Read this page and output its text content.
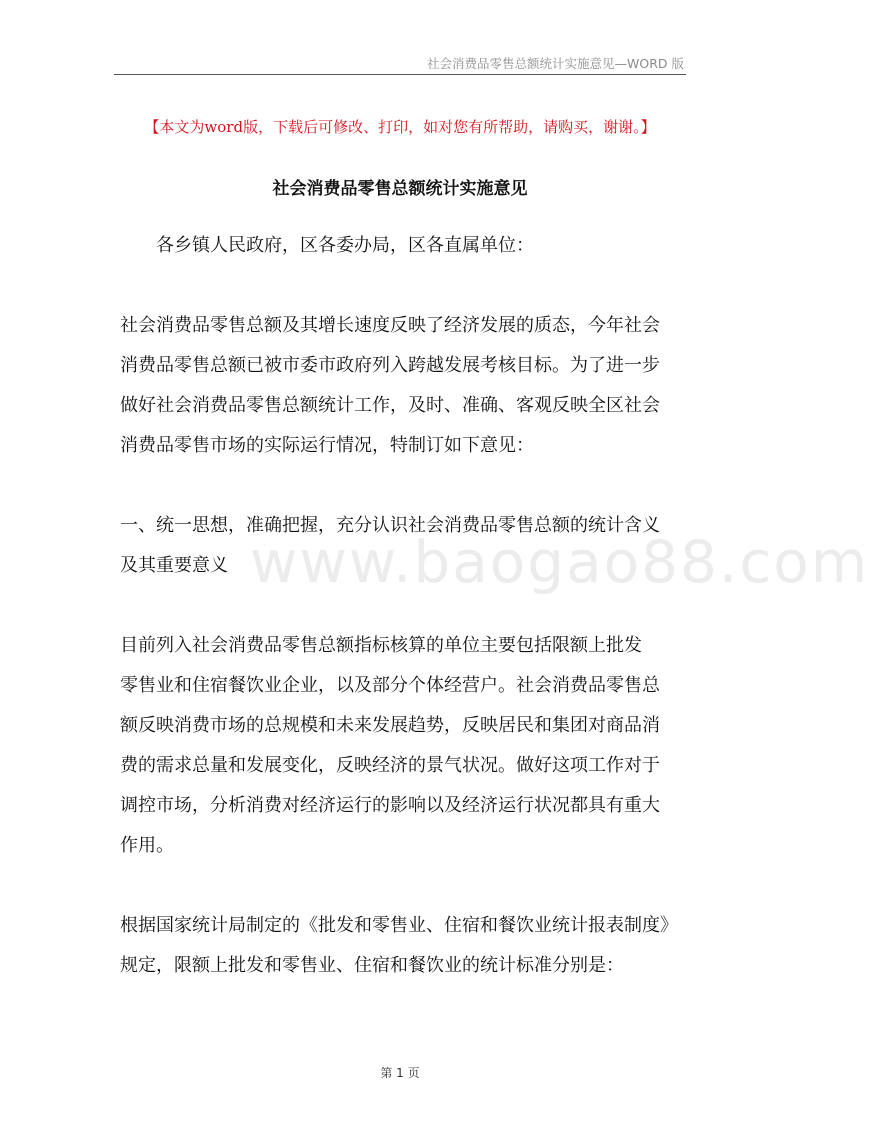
社会消费品零售总额统计实施意见—WORD 版
【本文为word版，下载后可修改、打印，如对您有所帮助，请购买，谢谢。】
社会消费品零售总额统计实施意见
www.baogao88.com
各乡镇人民政府，区各委办局，区各直属单位：
社会消费品零售总额及其增长速度反映了经济发展的质态，今年社会
消费品零售总额已被市委市政府列入跨越发展考核目标。为了进一步
做好社会消费品零售总额统计工作，及时、准确、客观反映全区社会
消费品零售市场的实际运行情况，特制订如下意见：
一、统一思想，准确把握，充分认识社会消费品零售总额的统计含义
及其重要意义
目前列入社会消费品零售总额指标核算的单位主要包括限额上批发
零售业和住宿餐饮业企业，以及部分个体经营户。社会消费品零售总
额反映消费市场的总规模和未来发展趋势，反映居民和集团对商品消
费的需求总量和发展变化，反映经济的景气状况。做好这项工作对于
调控市场，分析消费对经济运行的影响以及经济运行状况都具有重大
作用。
根据国家统计局制定的《批发和零售业、住宿和餐饮业统计报表制度》
规定，限额上批发和零售业、住宿和餐饮业的统计标准分别是：
第 1 页
